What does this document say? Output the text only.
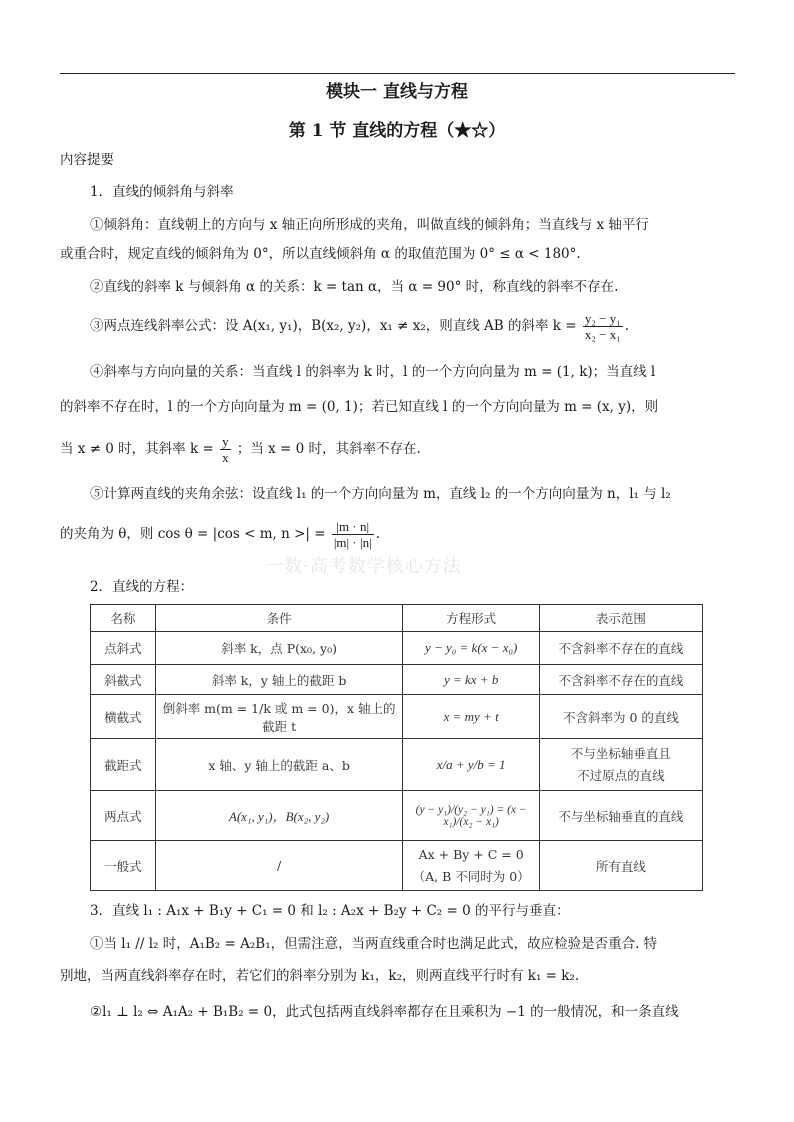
模块一 直线与方程
第 1 节 直线的方程（★☆）
内容提要
1．直线的倾斜角与斜率
①倾斜角：直线朝上的方向与 x 轴正向所形成的夹角，叫做直线的倾斜角；当直线与 x 轴平行
或重合时，规定直线的倾斜角为 0°，所以直线倾斜角 α 的取值范围为 0° ≤ α < 180°.
②直线的斜率 k 与倾斜角 α 的关系：k = tan α，当 α = 90° 时，称直线的斜率不存在.
③两点连线斜率公式：设 A(x₁, y₁)，B(x₂, y₂)，x₁ ≠ x₂，则直线 AB 的斜率 $k = \frac{\text{y₂ − y₁}}{\text{x₂ − x₁}}$ .
④斜率与方向向量的关系：当直线 l 的斜率为 k 时，l 的一个方向向量为 m = (1, k)；当直线 l
的斜率不存在时，l 的一个方向向量为 m = (0, 1)；若已知直线 l 的一个方向向量为 m = (x, y)，则
当 x ≠ 0 时，其斜率 $k = \frac{y}{x}$ ；当 x = 0 时，其斜率不存在.
⑤计算两直线的夹角余弦：设直线 l₁ 的一个方向向量为 m，直线 l₂ 的一个方向向量为 n，l₁ 与 l₂
的夹角为 θ，则 cos θ = |cos < m, n >| = $\frac{|m \cdot n|}{|m| \cdot |n|}$ .
一数·高考数学核心方法
2．直线的方程：
名称	条件	方程形式	表示范围
点斜式	斜率 k，点 P(x₀, y₀)	y − y₀ = k(x − x₀)	不含斜率不存在的直线
斜截式	斜率 k，y 轴上的截距 b	y = kx + b	不含斜率不存在的直线
横截式	倒斜率 m(m = 1/k 或 m = 0)，x 轴上的截距 t	x = my + t	不含斜率为 0 的直线
截距式	x 轴、y 轴上的截距 a、b	x/a + y/b = 1	不与坐标轴垂直且
不过原点的直线

两点式	A(x₁, y₁)，B(x₂, y₂)	(y − y₁)/(y₂ − y₁) = (x − x₁)/(x₂ − x₁)	不与坐标轴垂直的直线
一般式	/	Ax + By + C = 0
（A, B 不同时为 0）	所有直线
3．直线 l₁ : A₁x + B₁y + C₁ = 0 和 l₂ : A₂x + B₂y + C₂ = 0 的平行与垂直：
①当 l₁ // l₂ 时，A₁B₂ = A₂B₁，但需注意，当两直线重合时也满足此式，故应检验是否重合. 特
别地，当两直线斜率存在时，若它们的斜率分别为 k₁，k₂，则两直线平行时有 k₁ = k₂.
②l₁ ⊥ l₂ ⇔ A₁A₂ + B₁B₂ = 0，此式包括两直线斜率都存在且乘积为 −1 的一般情况，和一条直线
